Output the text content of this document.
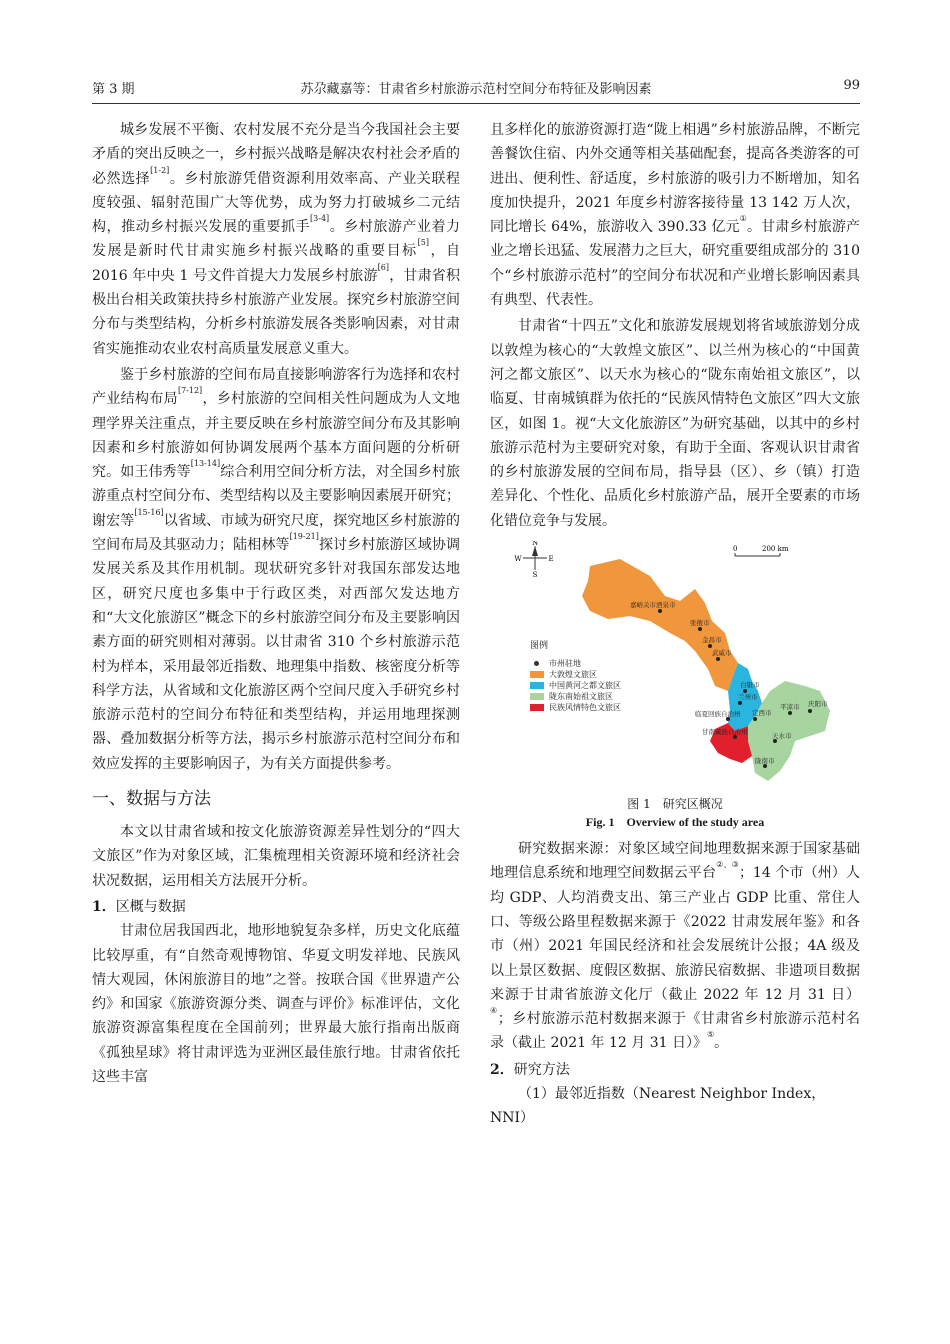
第 3 期	苏尕藏嘉等：甘肃省乡村旅游示范村空间分布特征及影响因素	99

城乡发展不平衡、农村发展不充分是当今我国社会主要矛盾的突出反映之一，乡村振兴战略是解决农村社会矛盾的必然选择[1-2]。乡村旅游凭借资源利用效率高、产业关联程度较强、辐射范围广大等优势，成为努力打破城乡二元结构，推动乡村振兴发展的重要抓手[3-4]。乡村旅游产业着力发展是新时代甘肃实施乡村振兴战略的重要目标[5]，自 2016 年中央 1 号文件首提大力发展乡村旅游[6]，甘肃省积极出台相关政策扶持乡村旅游产业发展。探究乡村旅游空间分布与类型结构，分析乡村旅游发展各类影响因素，对甘肃省实施推动农业农村高质量发展意义重大。

鉴于乡村旅游的空间布局直接影响游客行为选择和农村产业结构布局[7-12]，乡村旅游的空间相关性问题成为人文地理学界关注重点，并主要反映在乡村旅游空间分布及其影响因素和乡村旅游如何协调发展两个基本方面问题的分析研究。如王伟秀等[13-14]综合利用空间分析方法，对全国乡村旅游重点村空间分布、类型结构以及主要影响因素展开研究；谢宏等[15-16]以省域、市域为研究尺度，探究地区乡村旅游的空间布局及其驱动力；陆相林等[19-21]探讨乡村旅游区域协调发展关系及其作用机制。现状研究多针对我国东部发达地区，研究尺度也多集中于行政区类，对西部欠发达地方和“大文化旅游区”概念下的乡村旅游空间分布及主要影响因素方面的研究则相对薄弱。以甘肃省 310 个乡村旅游示范村为样本，采用最邻近指数、地理集中指数、核密度分析等科学方法，从省域和文化旅游区两个空间尺度入手研究乡村旅游示范村的空间分布特征和类型结构，并运用地理探测器、叠加数据分析等方法，揭示乡村旅游示范村空间分布和效应发挥的主要影响因子，为有关方面提供参考。

一、数据与方法

本文以甘肃省域和按文化旅游资源差异性划分的“四大文旅区”作为对象区域，汇集梳理相关资源环境和经济社会状况数据，运用相关方法展开分析。

1．区概与数据

甘肃位居我国西北，地形地貌复杂多样，历史文化底蕴比较厚重，有“自然奇观博物馆、华夏文明发祥地、民族风情大观园，休闲旅游目的地”之誉。按联合国《世界遗产公约》和国家《旅游资源分类、调查与评价》标准评估，文化旅游资源富集程度在全国前列；世界最大旅行指南出版商《孤独星球》将甘肃评选为亚洲区最佳旅行地。甘肃省依托这些丰富

且多样化的旅游资源打造“陇上相遇”乡村旅游品牌，不断完善餐饮住宿、内外交通等相关基础配套，提高各类游客的可进出、便利性、舒适度，乡村旅游的吸引力不断增加，知名度加快提升，2021 年度乡村游客接待量 13 142 万人次，同比增长 64%，旅游收入 390.33 亿元①。甘肃乡村旅游产业之增长迅猛、发展潜力之巨大，研究重要组成部分的 310 个“乡村旅游示范村”的空间分布状况和产业增长影响因素具有典型、代表性。

甘肃省“十四五”文化和旅游发展规划将省域旅游划分成以敦煌为核心的“大敦煌文旅区”、以兰州为核心的“中国黄河之都文旅区”、以天水为核心的“陇东南始祖文旅区”，以临夏、甘南城镇群为依托的“民族风情特色文旅区”四大文旅区，如图 1。视“大文化旅游区”为研究基础，以其中的乡村旅游示范村为主要研究对象，有助于全面、客观认识甘肃省的乡村旅游发展的空间布局，指导县（区）、乡（镇）打造差异化、个性化、品质化乡村旅游产品，展开全要素的市场化错位竞争与发展。

N
S
W	E
0	200 km
嘉峪关市酒泉市
张掖市
金昌市
武威市
白银市
兰州市
临夏回族自治州 定西市
甘南藏族自治州
平凉市 庆阳市
天水市
陇南市
图例
市州驻地
大敦煌文旅区
中国黄河之都文旅区
陇东南始祖文旅区
民族风情特色文旅区
图 1　研究区概况
Fig. 1　Overview of the study area

研究数据来源：对象区域空间地理数据来源于国家基础地理信息系统和地理空间数据云平台②、③；14 个市（州）人均 GDP、人均消费支出、第三产业占 GDP 比重、常住人口、等级公路里程数据来源于《2022 甘肃发展年鉴》和各市（州）2021 年国民经济和社会发展统计公报；4A 级及以上景区数据、度假区数据、旅游民宿数据、非遗项目数据来源于甘肃省旅游文化厅（截止 2022 年 12 月 31 日）④；乡村旅游示范村数据来源于《甘肃省乡村旅游示范村名录（截止 2021 年 12 月 31 日）》⑤。

2．研究方法
（1）最邻近指数（Nearest Neighbor Index，NNI）
